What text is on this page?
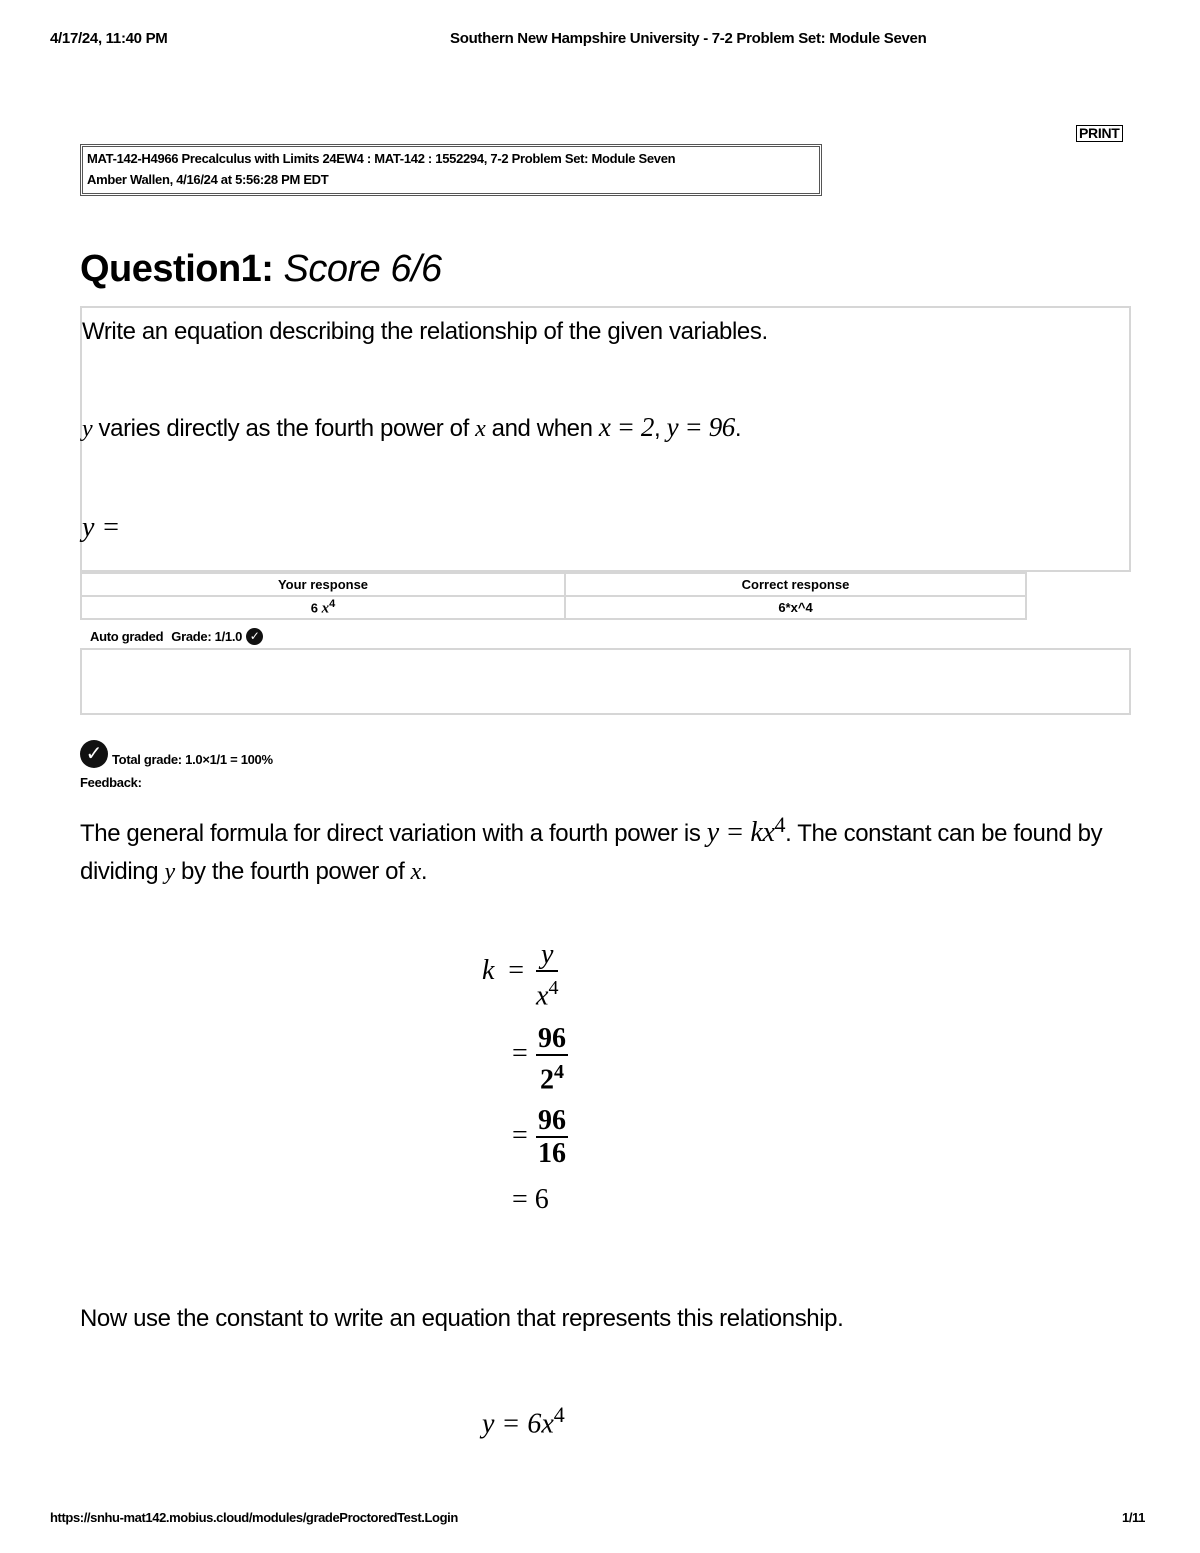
4/17/24, 11:40 PM	Southern New Hampshire University - 7-2 Problem Set: Module Seven
PRINT
MAT-142-H4966 Precalculus with Limits 24EW4 : MAT-142 : 1552294, 7-2 Problem Set: Module Seven
Amber Wallen, 4/16/24 at 5:56:28 PM EDT
Question1: Score 6/6
Write an equation describing the relationship of the given variables.
y varies directly as the fourth power of x and when x = 2, y = 96.
y =
Your response	Correct response
6 $x^4$	6*x^4
Auto graded Grade: 1/1.0 ✓
✓ Total grade: 1.0×1/1 = 100%
Feedback:
The general formula for direct variation with a fourth power is $y = kx^4$. The constant can be found by dividing y by the fourth power of x.
$k = \frac{y}{x^4}$
= $\frac{96}{2^4}$
= $\frac{96}{16}$
= 6
Now use the constant to write an equation that represents this relationship.
$y = 6x^4$
https://snhu-mat142.mobius.cloud/modules/gradeProctoredTest.Login	1/11
